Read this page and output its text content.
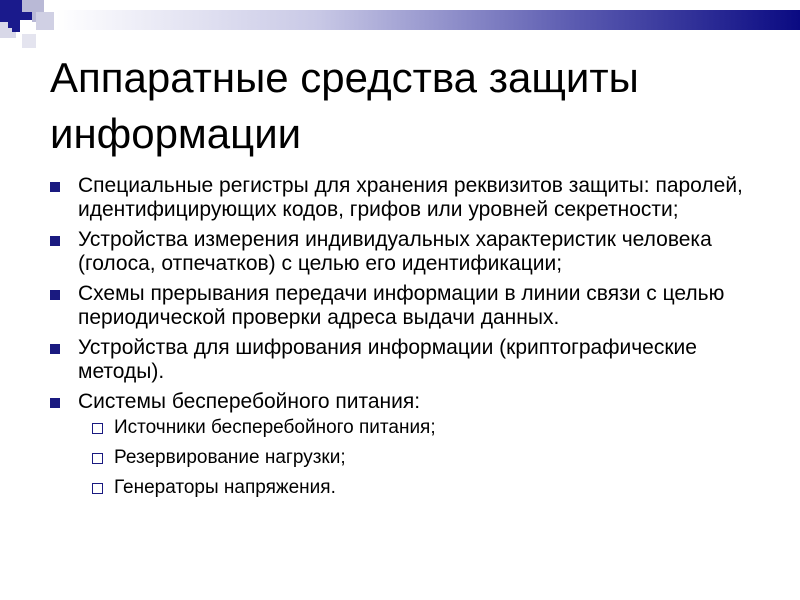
Аппаратные средства защиты информации
Специальные регистры для хранения реквизитов защиты: паролей, идентифицирующих кодов, грифов или уровней секретности;
Устройства измерения индивидуальных характеристик человека (голоса, отпечатков) с целью его идентификации;
Схемы прерывания передачи информации в линии связи с целью периодической проверки адреса выдачи данных.
Устройства для шифрования информации (криптографические методы).
Системы бесперебойного питания:
Источники бесперебойного питания;
Резервирование нагрузки;
Генераторы напряжения.
